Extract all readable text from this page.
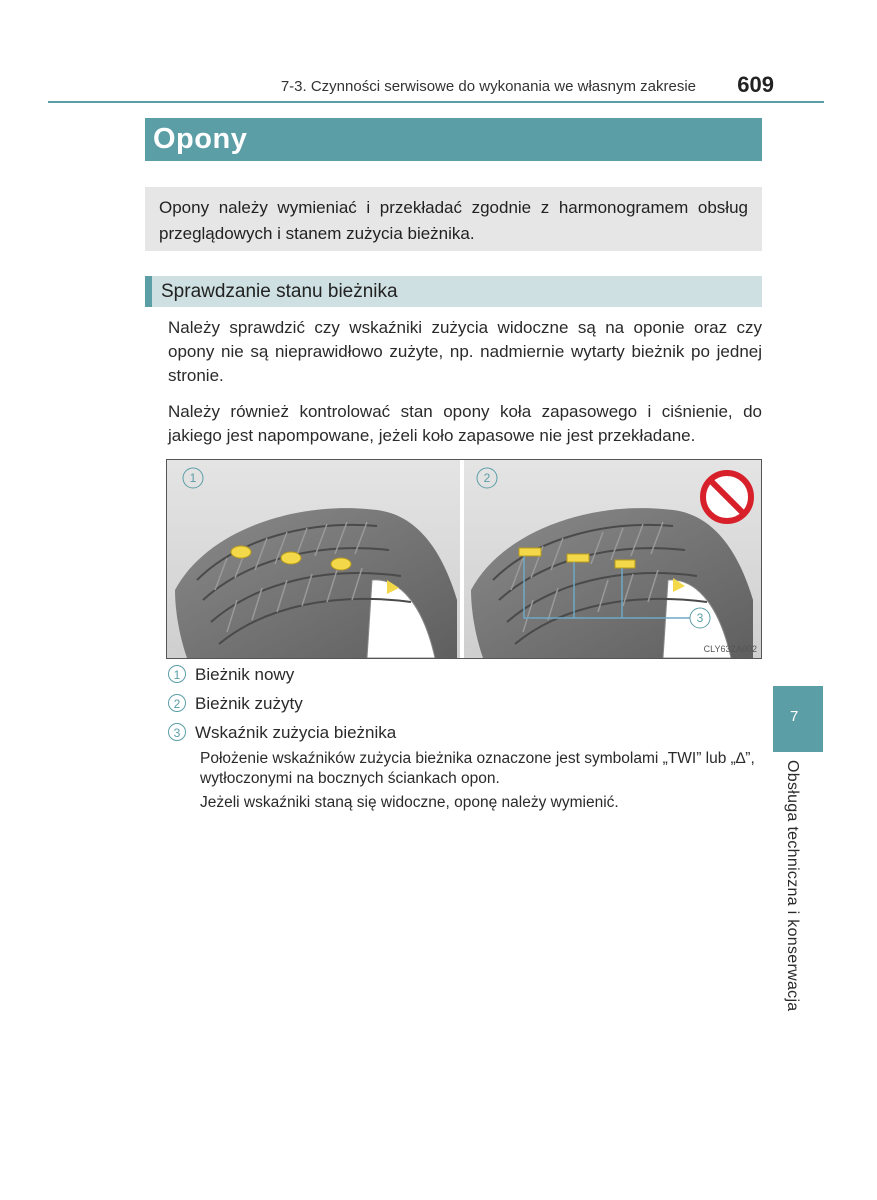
7-3. Czynności serwisowe do wykonania we własnym zakresie	609
Opony
Opony należy wymieniać i przekładać zgodnie z harmonogramem obsług przeglądowych i stanem zużycia bieżnika.
Sprawdzanie stanu bieżnika
Należy sprawdzić czy wskaźniki zużycia widoczne są na oponie oraz czy opony nie są nieprawidłowo zużyte, np. nadmiernie wytarty bieżnik po jednej stronie.
Należy również kontrolować stan opony koła zapasowego i ciśnienie, do jakiego jest napompowane, jeżeli koło zapasowe nie jest przekładane.
1
3
2
CLY63ZA002
1 Bieżnik nowy
2 Bieżnik zużyty
3 Wskaźnik zużycia bieżnika
Położenie wskaźników zużycia bieżnika oznaczone jest symbolami „TWI” lub „∆”, wytłoczonymi na bocznych ściankach opon.
Jeżeli wskaźniki staną się widoczne, oponę należy wymienić.
7
Obsługa techniczna i konserwacja
